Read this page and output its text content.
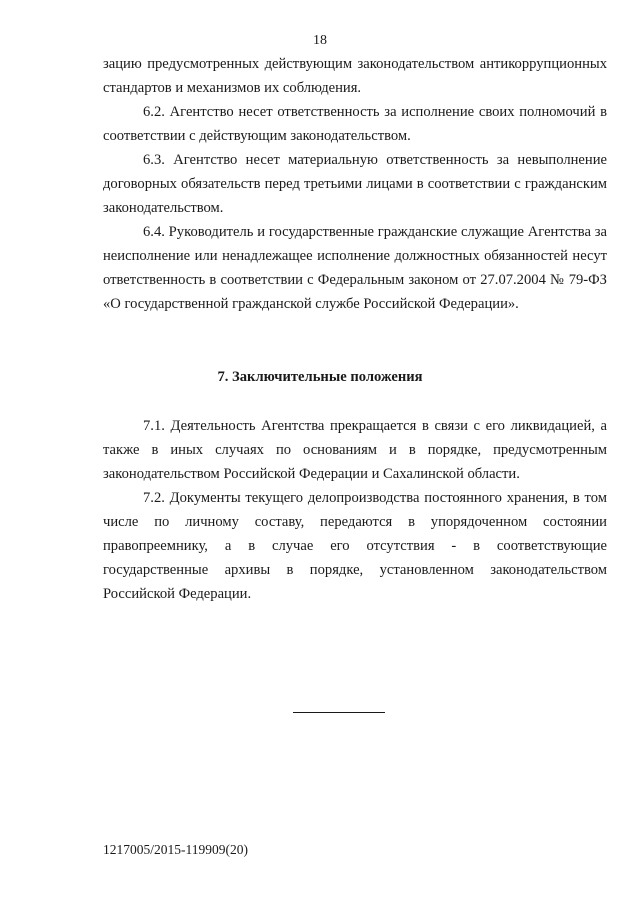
18

зацию предусмотренных действующим законодательством антикоррупционных стандартов и механизмов их соблюдения.

6.2. Агентство несет ответственность за исполнение своих полномочий в соответствии с действующим законодательством.

6.3. Агентство несет материальную ответственность за невыполнение договорных обязательств перед третьими лицами в соответствии с гражданским законодательством.

6.4. Руководитель и государственные гражданские служащие Агентства за неисполнение или ненадлежащее исполнение должностных обязанностей несут ответственность в соответствии с Федеральным законом от 27.07.2004 № 79-ФЗ «О государственной гражданской службе Российской Федерации».

7. Заключительные положения

7.1. Деятельность Агентства прекращается в связи с его ликвидацией, а также в иных случаях по основаниям и в порядке, предусмотренным законодательством Российской Федерации и Сахалинской области.

7.2. Документы текущего делопроизводства постоянного хранения, в том числе по личному составу, передаются в упорядоченном состоянии правопреемнику, а в случае его отсутствия - в соответствующие государственные архивы в порядке, установленном законодательством Российской Федерации.

1217005/2015-119909(20)
